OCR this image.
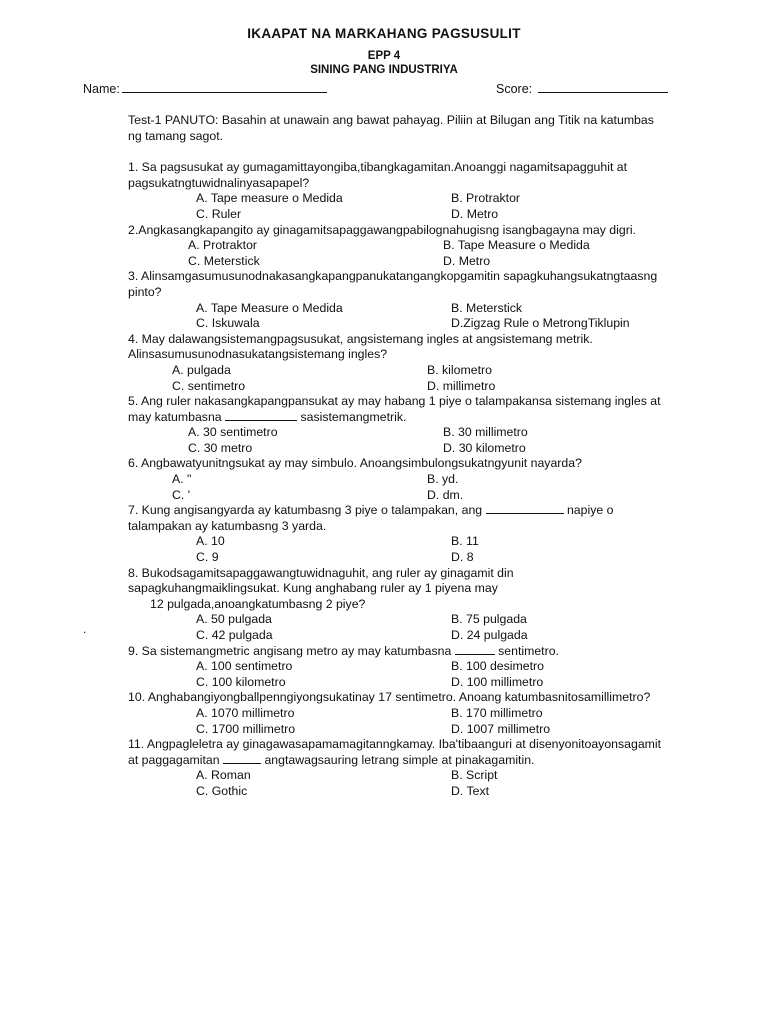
IKAAPAT NA MARKAHANG PAGSUSULIT
EPP 4
SINING PANG INDUSTRIYA
Name:	Score:
.
Test-1 PANUTO: Basahin at unawain ang bawat pahayag. Piliin at Bilugan ang Titik na katumbas ng tamang sagot.
1. Sa pagsusukat ay gumagamittayongiba,tibangkagamitan.Anoanggi nagamitsapagguhit at pagsukatngtuwidnalinyasapapel?
A. Tape measure o Medida	B. Protraktor
C. Ruler	D. Metro
2.Angkasangkapangito ay ginagamitsapaggawangpabilognahugisng isangbagayna may digri.
A. Protraktor	B. Tape Measure o Medida
C. Meterstick	D. Metro
3. Alinsamgasumusunodnakasangkapangpanukatangangkopgamitin sapagkuhangsukatngtaasng pinto?
A. Tape Measure o Medida	B. Meterstick
C. Iskuwala	D.Zigzag Rule o MetrongTiklupin
4. May dalawangsistemangpagsusukat, angsistemang ingles at angsistemang metrik. Alinsasumusunodnasukatangsistemang ingles?
A. pulgada	B. kilometro
C. sentimetro	D. millimetro
5. Ang ruler nakasangkapangpansukat ay may habang 1 piye o talampakansa sistemang ingles at may katumbasna	sasistemangmetrik.
A. 30 sentimetro	B. 30 millimetro
C. 30 metro	D. 30 kilometro
6. Angbawatyunitngsukat ay may simbulo. Anoangsimbulongsukatngyunit nayarda?
A. "	B. yd.
C. '	D. dm.
7. Kung angisangyarda ay katumbasng 3 piye o talampakan, ang	napiye o talampakan ay katumbasng 3 yarda.
A. 10	B. 11
C. 9	D. 8
8. Bukodsagamitsapaggawangtuwidnaguhit, ang ruler ay ginagamit din sapagkuhangmaiklingsukat. Kung anghabang ruler ay 1 piyena may
12 pulgada,anoangkatumbasng 2 piye?
A. 50 pulgada	B. 75 pulgada
C. 42 pulgada	D. 24 pulgada
9. Sa sistemangmetric angisang metro ay may katumbasna	sentimetro.
A. 100 sentimetro	B. 100 desimetro
C. 100 kilometro	D. 100 millimetro
10. Anghabangiyongballpenngiyongsukatinay 17 sentimetro. Anoang katumbasnitosamillimetro?
A. 1070 millimetro	B. 170 millimetro
C. 1700 millimetro	D. 1007 millimetro
11. Angpagleletra ay ginagawasapamamagitanngkamay. Iba'tibaanguri at disenyonitoayonsagamit at paggagamitan	angtawagsauring letrang simple at pinakagamitin.
A. Roman	B. Script
C. Gothic	D. Text
